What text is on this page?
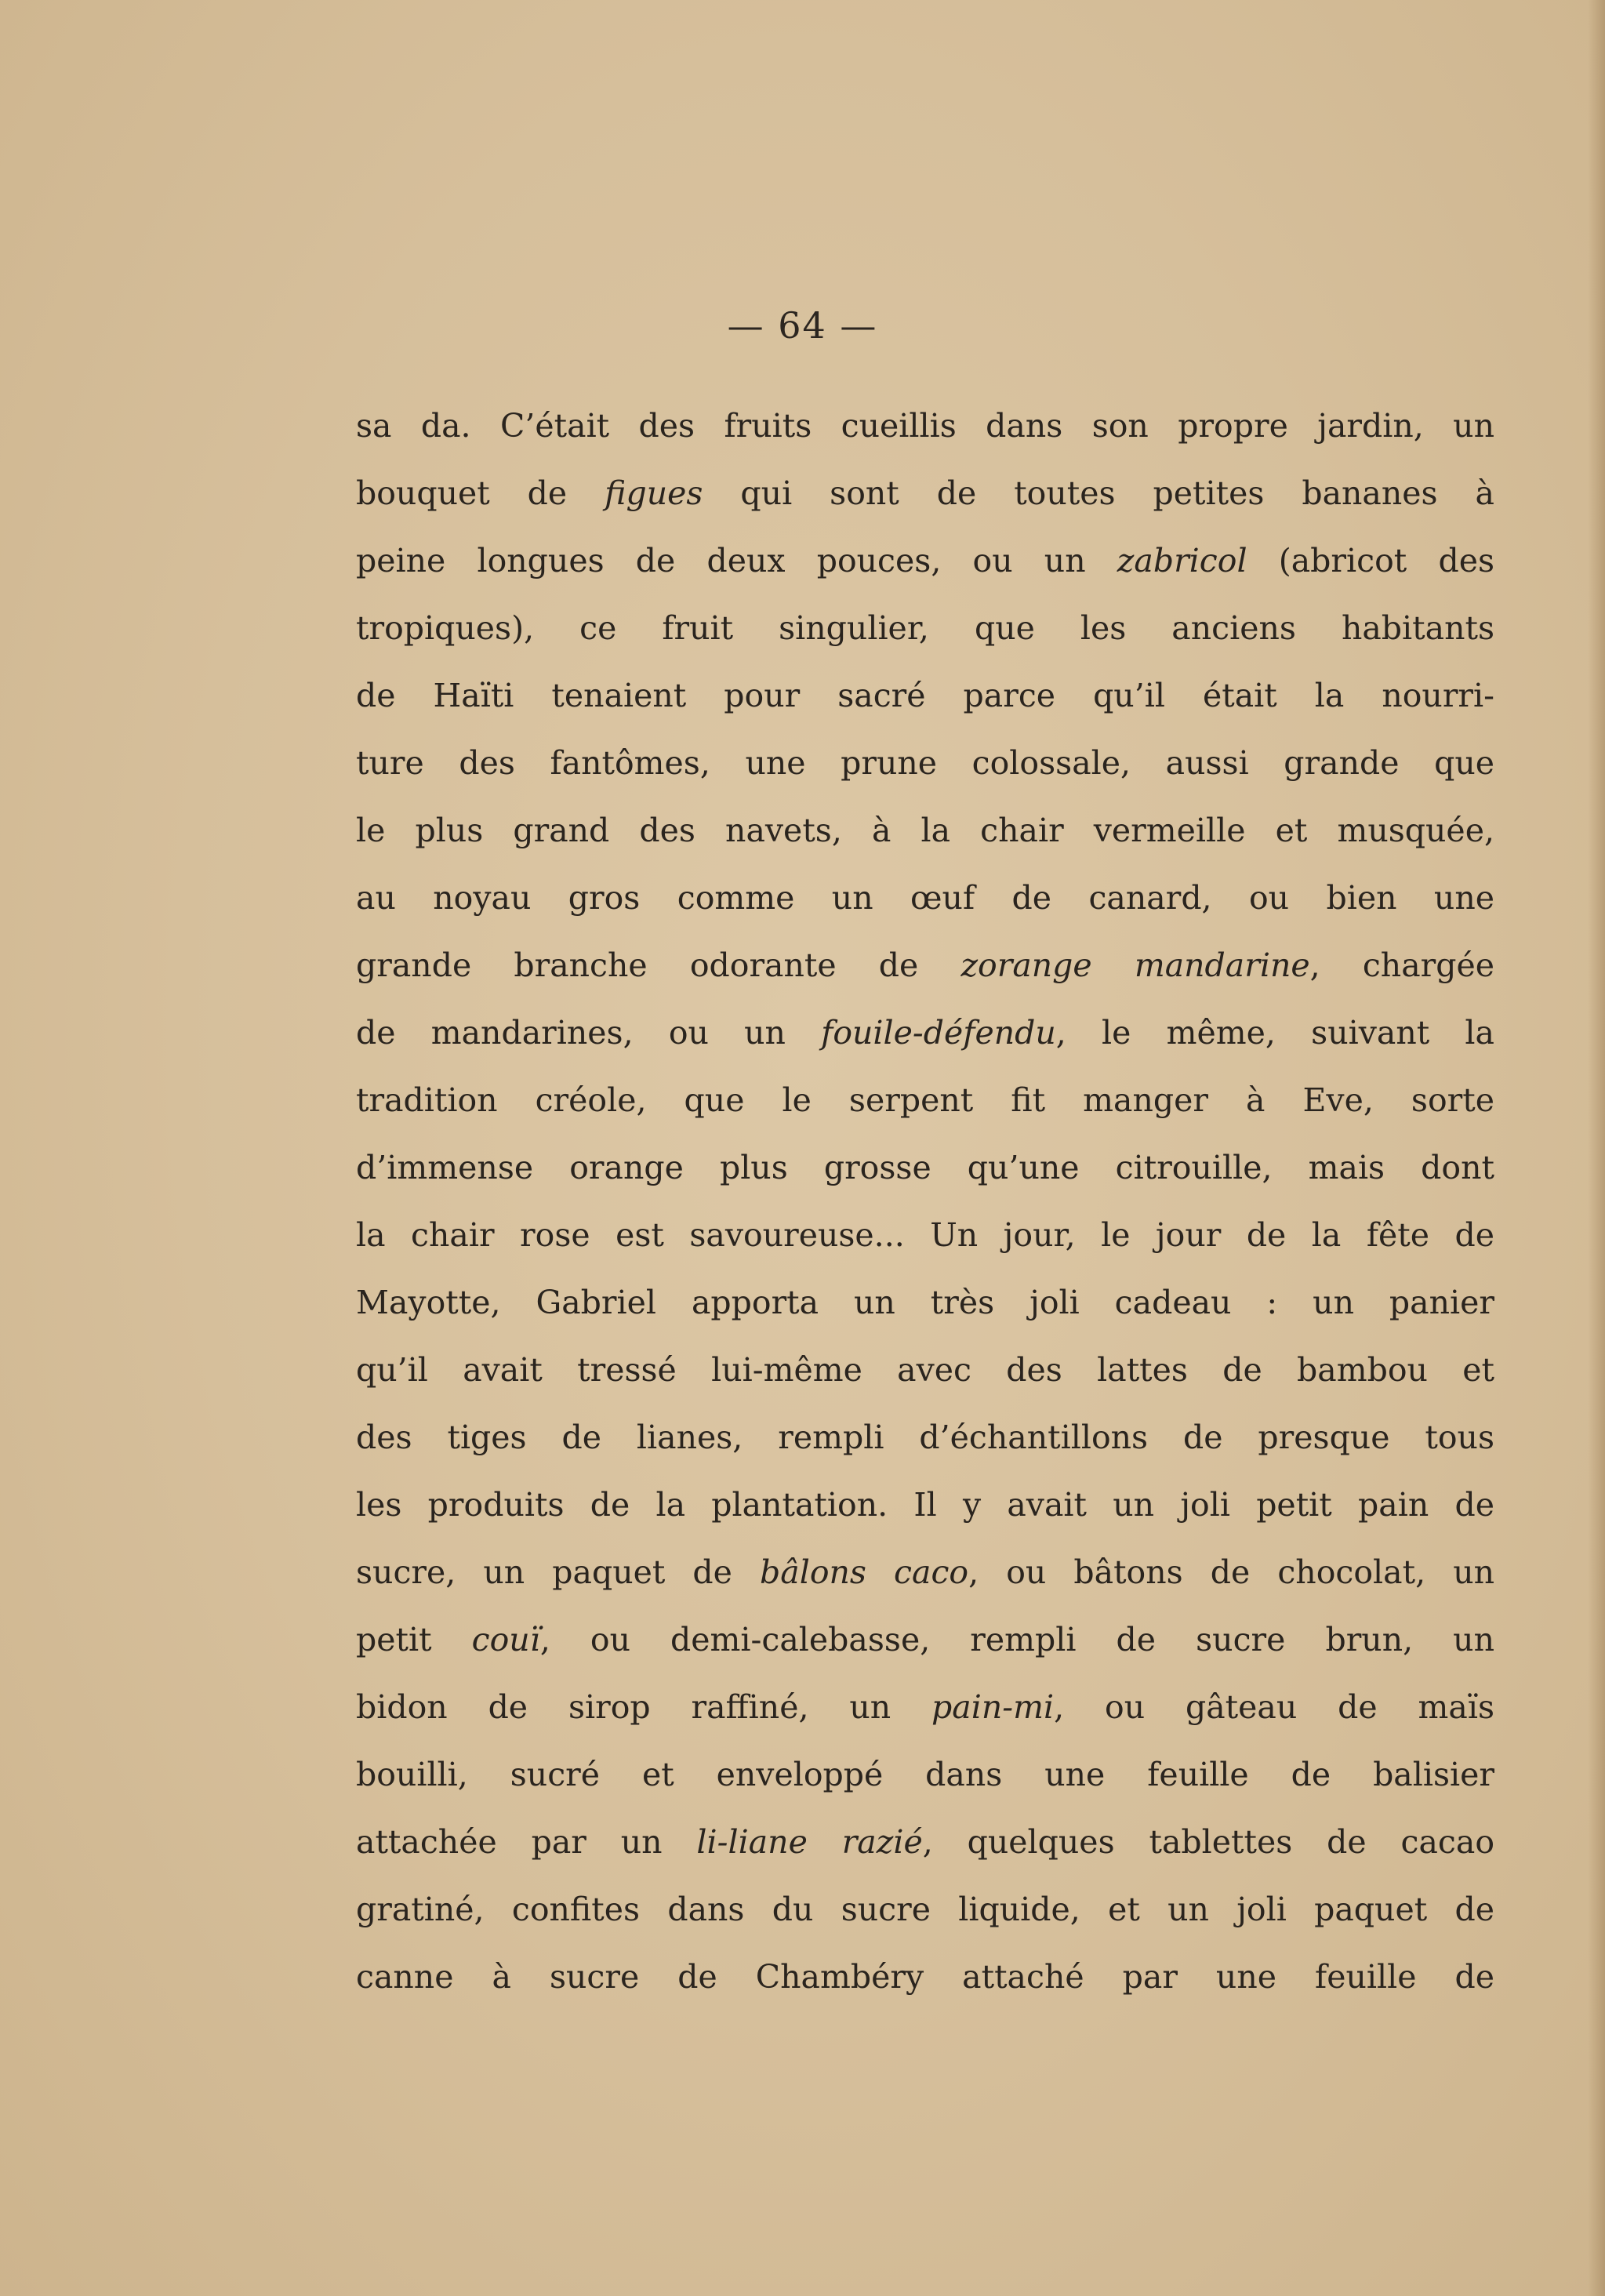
— 64 —
sa da. C’était des fruits cueillis dans son propre jardin, un
bouquet de figues qui sont de toutes petites bananes à
peine longues de deux pouces, ou un zabricol (abricot des
tropiques), ce fruit singulier, que les anciens habitants
de Haïti tenaient pour sacré parce qu’il était la nourri-
ture des fantômes, une prune colossale, aussi grande que
le plus grand des navets, à la chair vermeille et musquée,
au noyau gros comme un œuf de canard, ou bien une
grande branche odorante de zorange mandarine, chargée
de mandarines, ou un fouile-défendu, le même, suivant la
tradition créole, que le serpent fit manger à Eve, sorte
d’immense orange plus grosse qu’une citrouille, mais dont
la chair rose est savoureuse... Un jour, le jour de la fête de
Mayotte, Gabriel apporta un très joli cadeau : un panier
qu’il avait tressé lui-même avec des lattes de bambou et
des tiges de lianes, rempli d’échantillons de presque tous
les produits de la plantation. Il y avait un joli petit pain de
sucre, un paquet de bâlons caco, ou bâtons de chocolat, un
petit couï, ou demi-calebasse, rempli de sucre brun, un
bidon de sirop raffiné, un pain-mi, ou gâteau de maïs
bouilli, sucré et enveloppé dans une feuille de balisier
attachée par un li-liane razié, quelques tablettes de cacao
gratiné, confites dans du sucre liquide, et un joli paquet de
canne à sucre de Chambéry attaché par une feuille de
